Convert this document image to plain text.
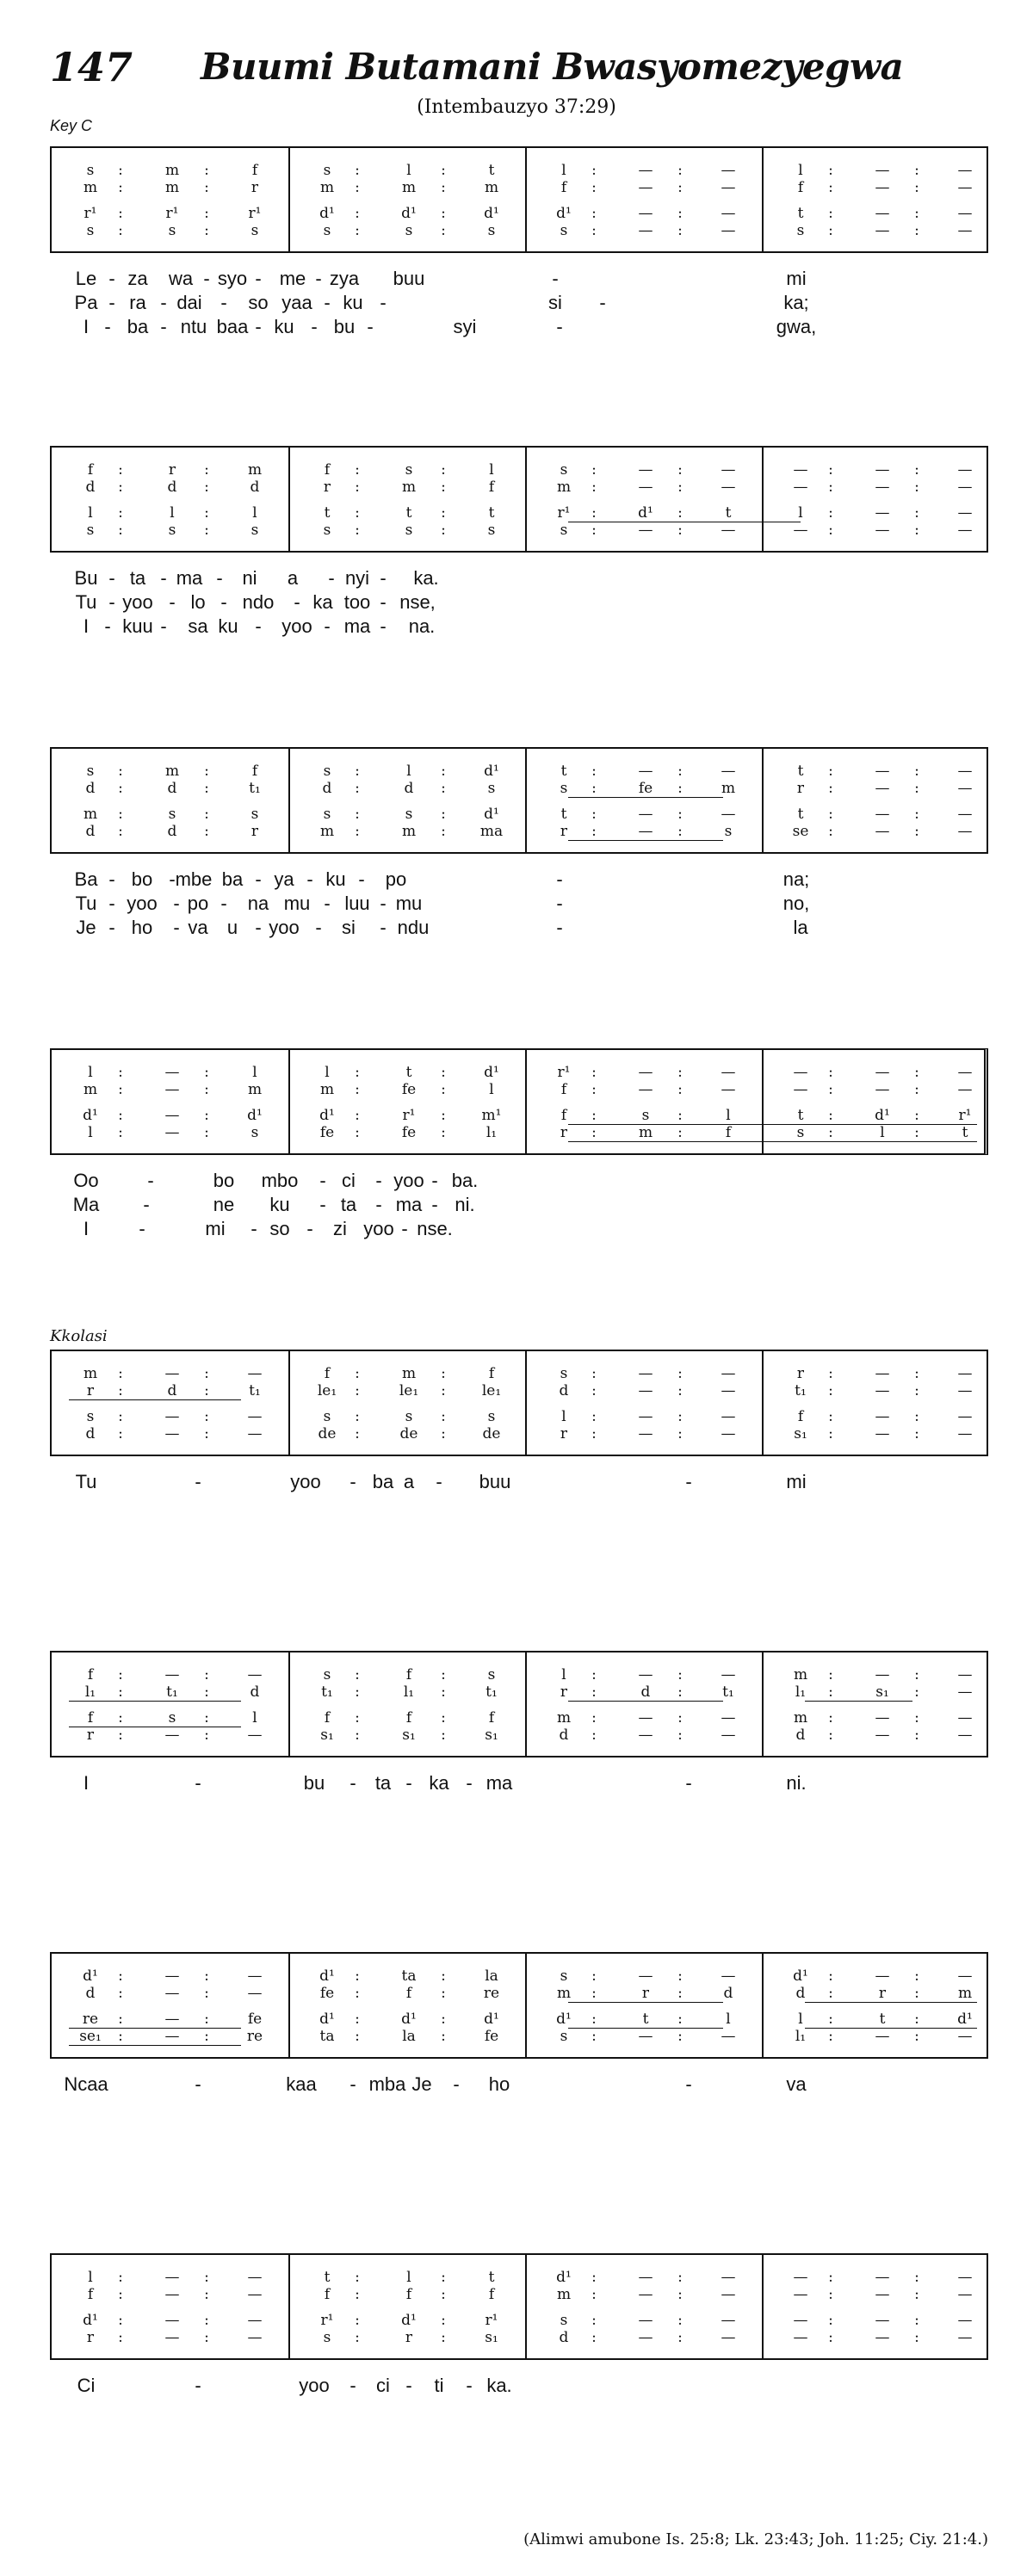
147 Buumi Butamani Bwasyomezyegwa
(Intembauzyo 37:29)
Key C
Kkolasi
(Alimwi amubone Is. 25:8; Lk. 23:43; Joh. 11:25; Ciy. 21:4.)
s	:	m	:	f	s	:	l	:	t	l	:	—	:	—	l	:	—	:	—
m	:	m	:	r	m	:	m	:	m	f	:	—	:	—	f	:	—	:	—
r¹	:	r¹	:	r¹	d¹	:	d¹	:	d¹	d¹	:	—	:	—	t	:	—	:	—
s	:	s	:	s	s	:	s	:	s	s	:	—	:	—	s	:	—	:	—
Le - za	wa - syo - me - zya	buu	-	mi
Pa - ra - dai -	so yaa - ku -	si	-	ka;
I - ba - ntu baa - ku - bu -	syi	-	gwa,
f	:	r	:	m	f	:	s	:	l	s	:	—	:	—	—	:	—	:	—
d	:	d	:	d	r	:	m	:	f	m	:	—	:	—	—	:	—	:	—
l	:	l	:	l	t	:	t	:	t	r¹	:	d¹	:	t	l	:	—	:	—
s	:	s	:	s	s	:	s	:	s	s	:	—	:	—	—	:	—	:	—
Bu - ta - ma -	ni	a	- nyi -	ka.
Tu - yoo - lo - ndo	- ka too - nse,
I - kuu -	sa ku -	yoo - ma -	na.
s	:	m	:	f	s	:	l	:	d¹	t	:	—	:	—	t	:	—	:	—
d	:	d	:	t₁	d	:	d	:	s	s	:	fe	:	m	r	:	—	:	—
m	:	s	:	s	s	:	s	:	d¹	t	:	—	:	—	t	:	—	:	—
d	:	d	:	r	m	:	m	:	ma	r	:	—	:	s	se	:	—	:	—
Ba - bo - mbe ba - ya - ku -	po	-	na;
Tu - yoo - po -	na mu - luu - mu	-	no,
Je - ho	- va	u - yoo -	si	- ndu	-	la
l	:	—	:	l	l	:	t	:	d¹	r¹	:	—	:	—	—	:	—	:	—
m	:	—	:	m	m	:	fe	:	l	f	:	—	:	—	—	:	—	:	—
d¹	:	—	:	d¹	d¹	:	r¹	:	m¹	f	:	s	:	l	t	:	d¹	:	r¹
l	:	—	:	s	fe	:	fe	:	l₁	r	:	m	:	f	s	:	l	:	t
Oo	-	bo	mbo	- ci	- yoo - ba.
Ma	-	ne	ku	- ta	- ma - ni.
I	-	mi	- so -	zi yoo - nse.
m	:	—	:	—	f	:	m	:	f	s	:	—	:	—	r	:	—	:	—
r	:	d	:	t₁	le₁	:	le₁	:	le₁	d	:	—	:	—	t₁	:	—	:	—
s	:	—	:	—	s	:	s	:	s	l	:	—	:	—	f	:	—	:	—
d	:	—	:	—	de	:	de	:	de	r	:	—	:	—	s₁	:	—	:	—
Tu	-	yoo	- ba a	-	buu	-	mi
f	:	—	:	—	s	:	f	:	s	l	:	—	:	—	m	:	—	:	—
l₁	:	t₁	:	d	t₁	:	l₁	:	t₁	r	:	d	:	t₁	l₁	:	s₁	:	—
f	:	s	:	l	f	:	f	:	f	m	:	—	:	—	m	:	—	:	—
r	:	—	:	—	s₁	:	s₁	:	s₁	d	:	—	:	—	d	:	—	:	—
I	-	bu	-	ta - ka - ma	-	ni.
d¹	:	—	:	—	d¹	:	ta	:	la	s	:	—	:	—	d¹	:	—	:	—
d	:	—	:	—	fe	:	f	:	re	m	:	r	:	d	d	:	r	:	m
re	:	—	:	fe	d¹	:	d¹	:	d¹	d¹	:	t	:	l	l	:	t	:	d¹
se₁	:	—	:	re	ta	:	la	:	fe	s	:	—	:	—	l₁	:	—	:	—
Ncaa	-	kaa	- mba Je	-	ho	-	va
l	:	—	:	—	t	:	l	:	t	d¹	:	—	:	—	—	:	—	:	—
f	:	—	:	—	f	:	f	:	f	m	:	—	:	—	—	:	—	:	—
d¹	:	—	:	—	r¹	:	d¹	:	r¹	s	:	—	:	—	—	:	—	:	—
r	:	—	:	—	s	:	r	:	s₁	d	:	—	:	—	—	:	—	:	—
Ci	-	yoo	-	ci -	ti	- ka.
